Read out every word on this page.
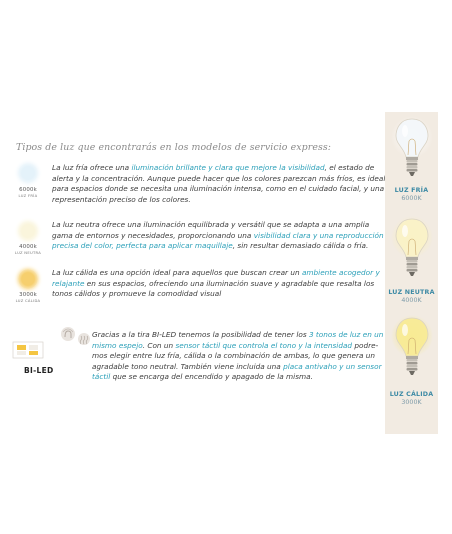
Tipos de luz que encontrarás en los modelos de servicio express:
6000k
LUZ FRÍA
La luz fría ofrece una iluminación brillante y clara que mejore la visibilidad, el estado de
alerta y la concentración. Aunque puede hacer que los colores parezcan más fríos, es ideal
para espacios donde se necesita una iluminación intensa, como en el cuidado facial, y una
representación preciso de los colores.
4000k
LUZ NEUTRA
La luz neutra ofrece una iluminación equilibrada y versátil que se adapta a una amplia
gama de entornos y necesidades, proporcionando una visibilidad clara y una reproducción
precisa del color, perfecta para aplicar maquillaje, sin resultar demasiado cálida o fría.
3000k
LUZ CÁLIDA
La luz cálida es una opción ideal para aquellos que buscan crear un ambiente acogedor y
relajante en sus espacios, ofreciendo una iluminación suave y agradable que resalta los
tonos cálidos y promueve la comodidad visual
BI-LED
Gracias a la tira BI-LED tenemos la posibilidad de tener los 3 tonos de luz en un
mismo espejo. Con un sensor táctil que controla el tono y la intensidad podre-
mos elegir entre luz fría, cálida o la combinación de ambas, lo que genera un
agradable tono neutral. También viene incluida una placa antivaho y un sensor
táctil que se encarga del encendido y apagado de la misma.
LUZ FRÍA
6000K
LUZ NEUTRA
4000K
LUZ CÁLIDA
3000K
